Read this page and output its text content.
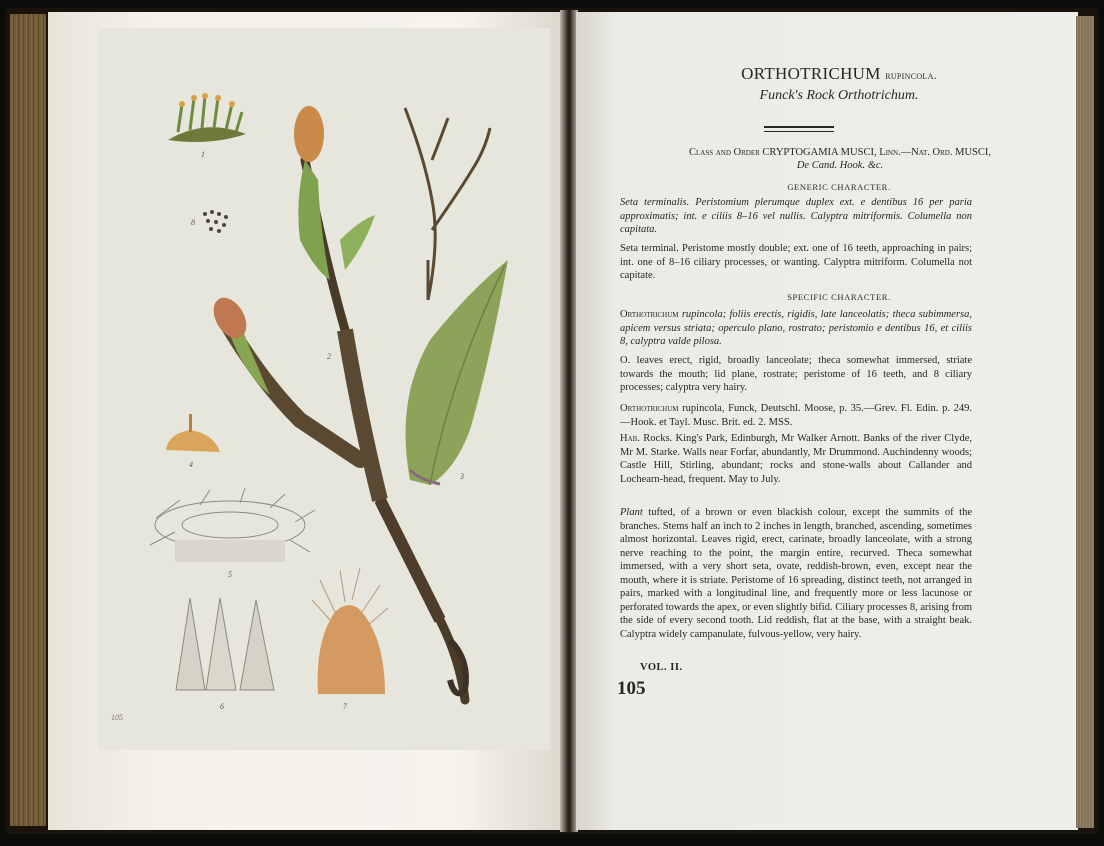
1
2
3
4
5
6	7
8
105
ORTHOTRICHUM rupincola.
Funck's Rock Orthotrichum.
Class and Order CRYPTOGAMIA MUSCI, Linn.—Nat. Ord. MUSCI,
De Cand. Hook. &c.
GENERIC CHARACTER.
Seta terminalis. Peristomium plerumque duplex ext. e dentibus 16 per paria approximatis; int. e ciliis 8–16 vel nullis. Calyptra mitriformis. Columella non capitata.
Seta terminal. Peristome mostly double; ext. one of 16 teeth, approaching in pairs; int. one of 8–16 ciliary processes, or wanting. Calyptra mitriform. Columella not capitate.
SPECIFIC CHARACTER.
Orthotrichum rupincola; foliis erectis, rigidis, late lanceolatis; theca subimmersa, apicem versus striata; operculo plano, rostrato; peristomio e dentibus 16, et ciliis 8, calyptra valde pilosa.
O. leaves erect, rigid, broadly lanceolate; theca somewhat immersed, striate towards the mouth; lid plane, rostrate; peristome of 16 teeth, and 8 ciliary processes; calyptra very hairy.
Orthotrichum rupincola, Funck, Deutschl. Moose, p. 35.—Grev. Fl. Edin. p. 249.—Hook. et Tayl. Musc. Brit. ed. 2. MSS.
Hab. Rocks. King's Park, Edinburgh, Mr Walker Arnott. Banks of the river Clyde, Mr M. Starke. Walls near Forfar, abundantly, Mr Drummond. Auchindenny woods; Castle Hill, Stirling, abundant; rocks and stone-walls about Callander and Lochearn-head, frequent. May to July.
Plant tufted, of a brown or even blackish colour, except the summits of the branches. Stems half an inch to 2 inches in length, branched, ascending, sometimes almost horizontal. Leaves rigid, erect, carinate, broadly lanceolate, with a strong nerve reaching to the point, the margin entire, recurved. Theca somewhat immersed, with a very short seta, ovate, reddish-brown, even, except near the mouth, where it is striate. Peristome of 16 spreading, distinct teeth, not arranged in pairs, marked with a longitudinal line, and frequently more or less lacunose or perforated towards the apex, or even slightly bifid. Ciliary processes 8, arising from the side of every second tooth. Lid reddish, flat at the base, with a straight beak. Calyptra widely campanulate, fulvous-yellow, very hairy.
VOL. II.
105
